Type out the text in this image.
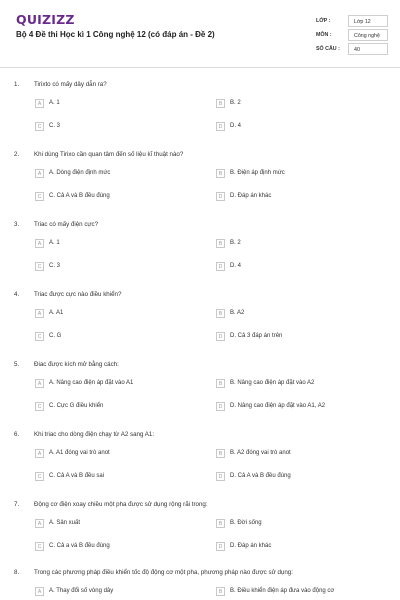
QUIZIZZ
Bộ 4 Đề thi Học kì 1 Công nghệ 12 (có đáp án - Đề 2)
LỚP :	Lớp 12
MÔN :	Công nghệ
SỐ CÂU :	40
1. Tirixto có mấy dây dẫn ra?
A	A. 1	B	B. 2
C	C. 3	D	D. 4
2. Khi dùng Tirixo cần quan tâm đến số liệu kĩ thuật nào?
A	A. Dòng điện định mức	B	B. Điện áp định mức
C	C. Cả A và B đều đúng	D	D. Đáp án khác
3. Triac có mấy điện cực?
A	A. 1	B	B. 2
C	C. 3	D	D. 4
4. Triac được cực nào điều khiển?
A	A. A1	B	B. A2
C	C. G	D	D. Cả 3 đáp án trên
5. Điac được kích mở bằng cách:
A	A. Nâng cao điện áp đặt vào A1	B	B. Nâng cao điện áp đặt vào A2
C	C. Cực G điều khiển	D	D. Nâng cao điện áp đặt vào A1, A2
6. Khi triac cho dòng điện chạy từ A2 sang A1:
A	A. A1 đóng vai trò anot	B	B. A2 đóng vai trò anot
C	C. Cả A và B đều sai	D	D. Cả A và B đều đúng
7. Động cơ điện xoay chiều một pha được sử dụng rộng rãi trong:
A	A. Sản xuất	B	B. Đời sống
C	C. Cả a và B đều đúng	D	D. Đáp án khác
8. Trong các phương pháp điều khiển tốc độ động cơ một pha, phương pháp nào được sử dụng:
A	A. Thay đổi số vòng dây	B	B. Điều khiển điện áp đưa vào động cơ
